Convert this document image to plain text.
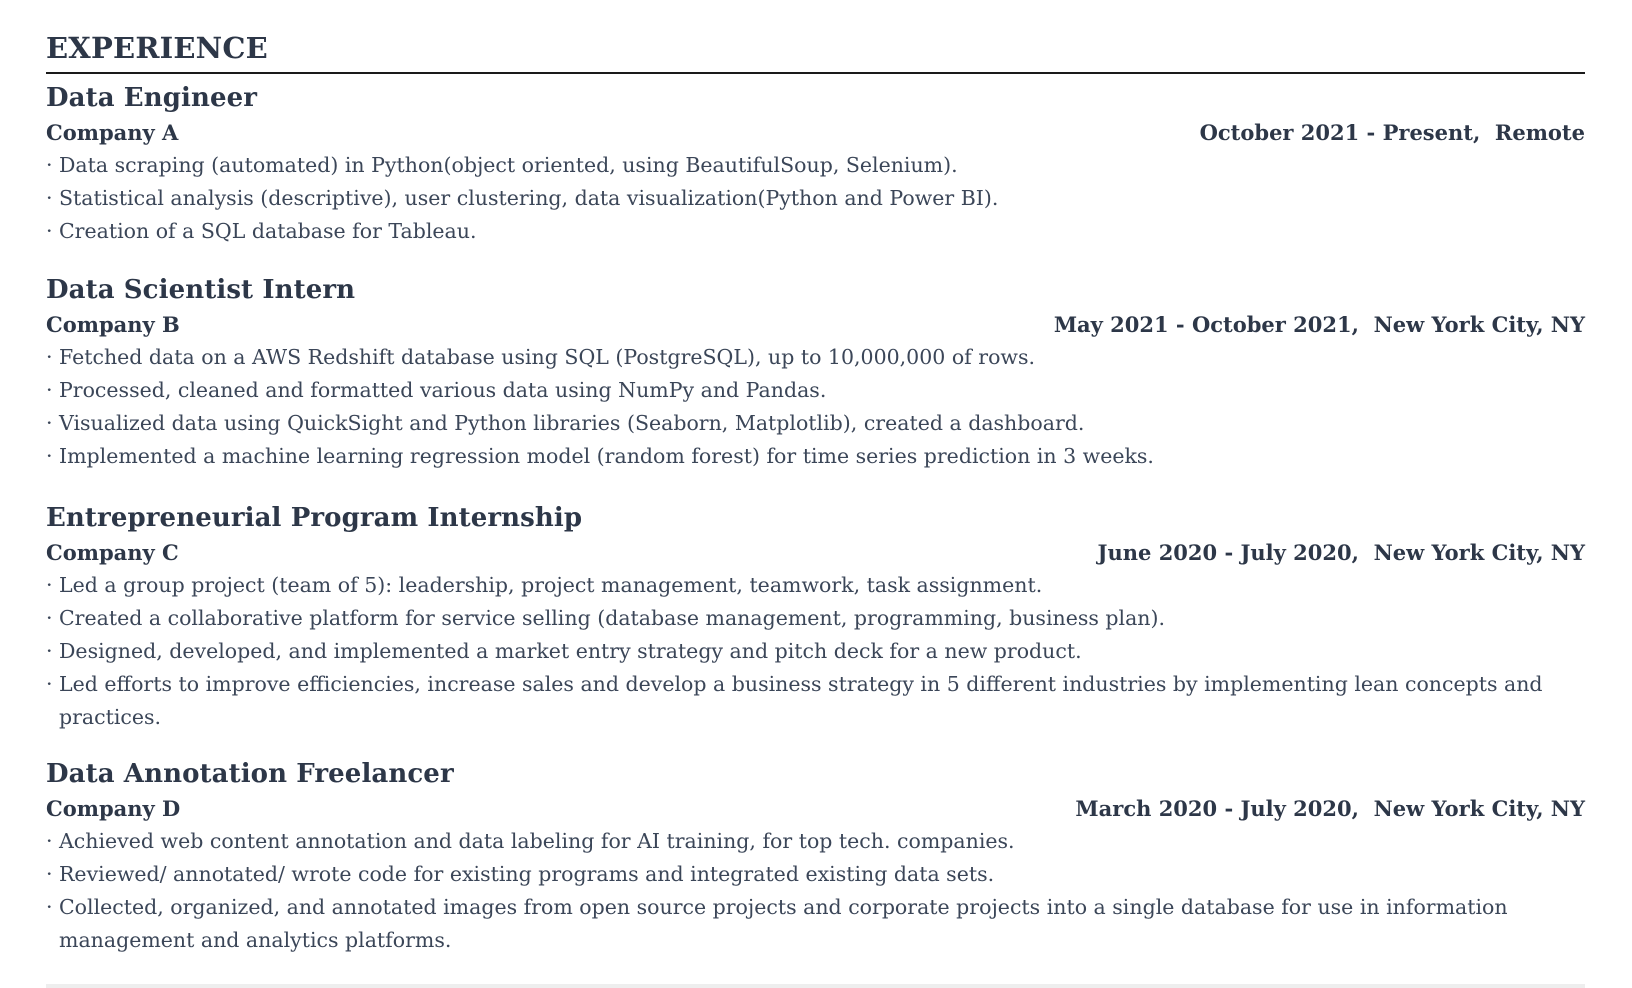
EXPERIENCE
Data Engineer
Company A	October 2021 - Present, Remote
· Data scraping (automated) in Python(object oriented, using BeautifulSoup, Selenium).
· Statistical analysis (descriptive), user clustering, data visualization(Python and Power BI).
· Creation of a SQL database for Tableau.
Data Scientist Intern
Company B	May 2021 - October 2021, New York City, NY
· Fetched data on a AWS Redshift database using SQL (PostgreSQL), up to 10,000,000 of rows.
· Processed, cleaned and formatted various data using NumPy and Pandas.
· Visualized data using QuickSight and Python libraries (Seaborn, Matplotlib), created a dashboard.
· Implemented a machine learning regression model (random forest) for time series prediction in 3 weeks.
Entrepreneurial Program Internship
Company C	June 2020 - July 2020, New York City, NY
· Led a group project (team of 5): leadership, project management, teamwork, task assignment.
· Created a collaborative platform for service selling (database management, programming, business plan).
· Designed, developed, and implemented a market entry strategy and pitch deck for a new product.
· Led efforts to improve efficiencies, increase sales and develop a business strategy in 5 different industries by implementing lean concepts and practices.
Data Annotation Freelancer
Company D	March 2020 - July 2020, New York City, NY
· Achieved web content annotation and data labeling for AI training, for top tech. companies.
· Reviewed/ annotated/ wrote code for existing programs and integrated existing data sets.
· Collected, organized, and annotated images from open source projects and corporate projects into a single database for use in information management and analytics platforms.
